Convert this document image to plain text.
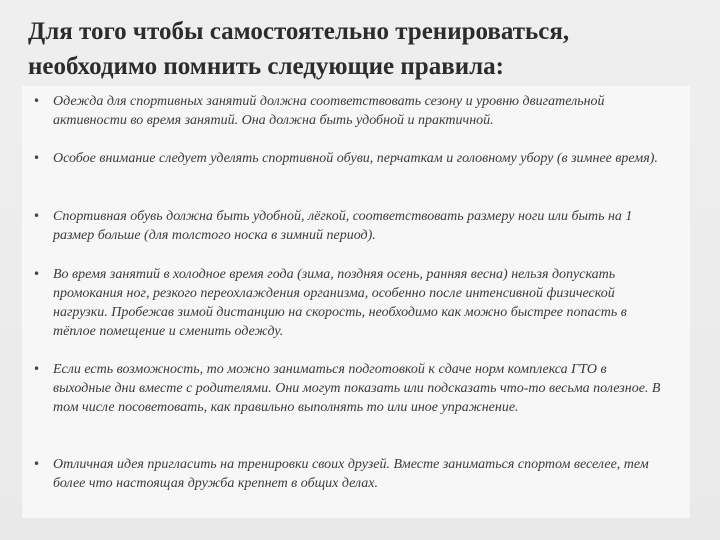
Для того чтобы самостоятельно тренироваться, необходимо помнить следующие правила:
• Одежда для спортивных занятий должна соответствовать сезону и уровню двигательной активности во время занятий. Она должна быть удобной и практичной.
• Особое внимание следует уделять спортивной обуви, перчаткам и головному убору (в зимнее время).
• Спортивная обувь должна быть удобной, лёгкой, соответствовать размеру ноги или быть на 1 размер больше (для толстого носка в зимний период).
• Во время занятий в холодное время года (зима, поздняя осень, ранняя весна) нельзя допускать промокания ног, резкого переохлаждения организма, особенно после интенсивной физической нагрузки. Пробежав зимой дистанцию на скорость, необходимо как можно быстрее попасть в тёплое помещение и сменить одежду.
• Если есть возможность, то можно заниматься подготовкой к сдаче норм комплекса ГТО в выходные дни вместе с родителями. Они могут показать или подсказать что-то весьма полезное. В том числе посоветовать, как правильно выполнять то или иное упражнение.
• Отличная идея пригласить на тренировки своих друзей. Вместе заниматься спортом веселее, тем более что настоящая дружба крепнет в общих делах.
